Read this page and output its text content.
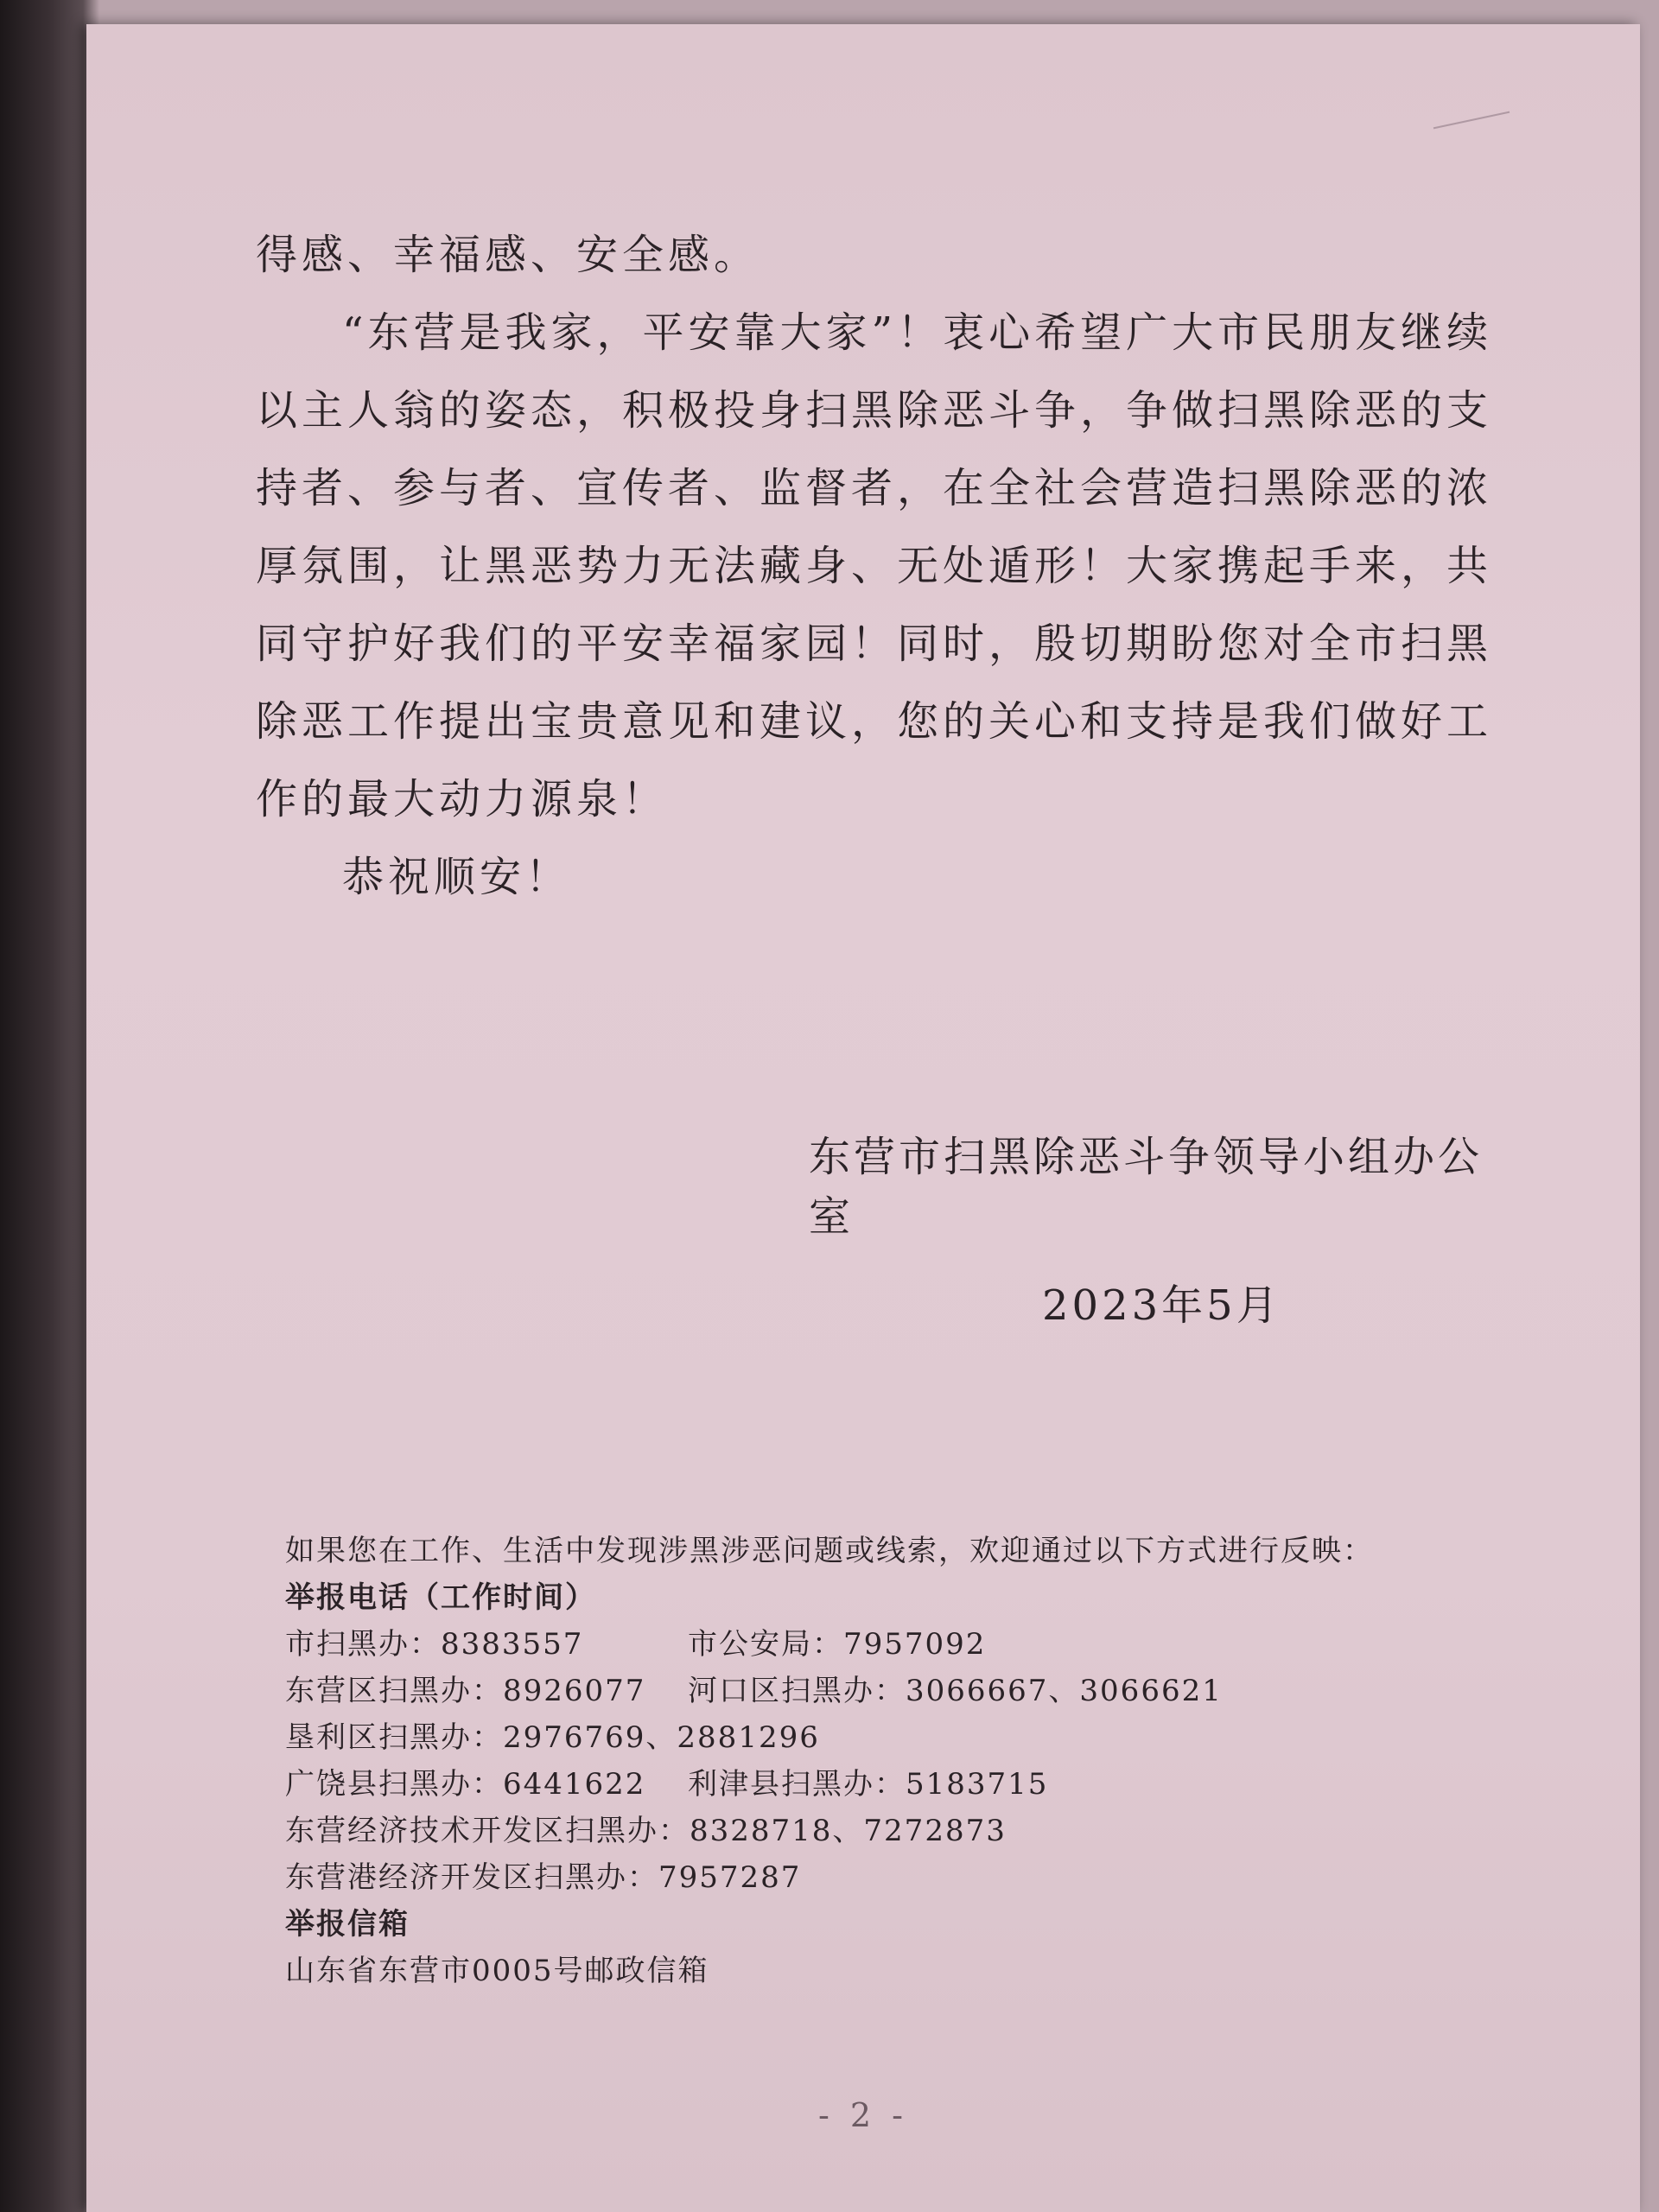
得感、幸福感、安全感。

“东营是我家，平安靠大家”！衷心希望广大市民朋友继续以主人翁的姿态，积极投身扫黑除恶斗争，争做扫黑除恶的支持者、参与者、宣传者、监督者，在全社会营造扫黑除恶的浓厚氛围，让黑恶势力无法藏身、无处遁形！大家携起手来，共同守护好我们的平安幸福家园！同时，殷切期盼您对全市扫黑除恶工作提出宝贵意见和建议，您的关心和支持是我们做好工作的最大动力源泉！

恭祝顺安！

东营市扫黑除恶斗争领导小组办公室
2023年5月
如果您在工作、生活中发现涉黑涉恶问题或线索，欢迎通过以下方式进行反映：
举报电话（工作时间）
市扫黑办：8383557	市公安局：7957092
东营区扫黑办：8926077	河口区扫黑办：3066667、3066621
垦利区扫黑办：2976769、2881296
广饶县扫黑办：6441622	利津县扫黑办：5183715
东营经济技术开发区扫黑办：8328718、7272873
东营港经济开发区扫黑办：7957287
举报信箱
山东省东营市0005号邮政信箱
- 2 -
